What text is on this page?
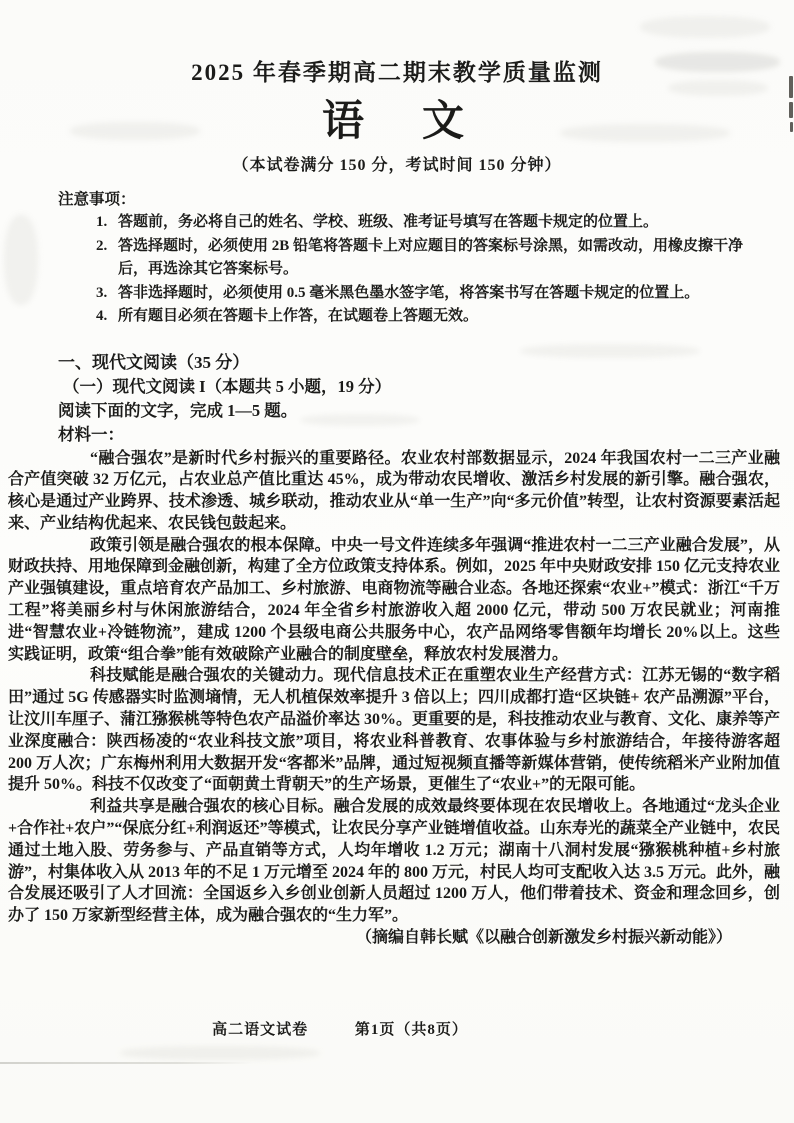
2025 年春季期高二期末教学质量监测
语　文
（本试卷满分 150 分，考试时间 150 分钟）
注意事项：
1. 答题前，务必将自己的姓名、学校、班级、准考证号填写在答题卡规定的位置上。
2. 答选择题时，必须使用 2B 铅笔将答题卡上对应题目的答案标号涂黑，如需改动，用橡皮擦干净后，再选涂其它答案标号。
3. 答非选择题时，必须使用 0.5 毫米黑色墨水签字笔，将答案书写在答题卡规定的位置上。
4. 所有题目必须在答题卡上作答，在试题卷上答题无效。
一、现代文阅读（35 分）
（一）现代文阅读 I（本题共 5 小题，19 分）
阅读下面的文字，完成 1—5 题。
材料一：

“融合强农”是新时代乡村振兴的重要路径。农业农村部数据显示，2024 年我国农村一二三产业融合产值突破 32 万亿元，占农业总产值比重达 45%，成为带动农民增收、激活乡村发展的新引擎。融合强农，核心是通过产业跨界、技术渗透、城乡联动，推动农业从“单一生产”向“多元价值”转型，让农村资源要素活起来、产业结构优起来、农民钱包鼓起来。

政策引领是融合强农的根本保障。中央一号文件连续多年强调“推进农村一二三产业融合发展”，从财政扶持、用地保障到金融创新，构建了全方位政策支持体系。例如，2025 年中央财政安排 150 亿元支持农业产业强镇建设，重点培育农产品加工、乡村旅游、电商物流等融合业态。各地还探索“农业+”模式：浙江“千万工程”将美丽乡村与休闲旅游结合，2024 年全省乡村旅游收入超 2000 亿元，带动 500 万农民就业；河南推进“智慧农业+冷链物流”，建成 1200 个县级电商公共服务中心，农产品网络零售额年均增长 20%以上。这些实践证明，政策“组合拳”能有效破除产业融合的制度壁垒，释放农村发展潜力。

科技赋能是融合强农的关键动力。现代信息技术正在重塑农业生产经营方式：江苏无锡的“数字稻田”通过 5G 传感器实时监测墒情，无人机植保效率提升 3 倍以上；四川成都打造“区块链+ 农产品溯源”平台，让汶川车厘子、蒲江猕猴桃等特色农产品溢价率达 30%。更重要的是，科技推动农业与教育、文化、康养等产业深度融合：陕西杨凌的“农业科技文旅”项目，将农业科普教育、农事体验与乡村旅游结合，年接待游客超 200 万人次；广东梅州利用大数据开发“客都米”品牌，通过短视频直播等新媒体营销，使传统稻米产业附加值提升 50%。科技不仅改变了“面朝黄土背朝天”的生产场景，更催生了“农业+”的无限可能。

利益共享是融合强农的核心目标。融合发展的成效最终要体现在农民增收上。各地通过“龙头企业+合作社+农户”“保底分红+利润返还”等模式，让农民分享产业链增值收益。山东寿光的蔬菜全产业链中，农民通过土地入股、劳务参与、产品直销等方式，人均年增收 1.2 万元；湖南十八洞村发展“猕猴桃种植+乡村旅游”，村集体收入从 2013 年的不足 1 万元增至 2024 年的 800 万元，村民人均可支配收入达 3.5 万元。此外，融合发展还吸引了人才回流：全国返乡入乡创业创新人员超过 1200 万人，他们带着技术、资金和理念回乡，创办了 150 万家新型经营主体，成为融合强农的“生力军”。

（摘编自韩长赋《以融合创新激发乡村振兴新动能》）
高二语文试卷	第1页（共8页）
